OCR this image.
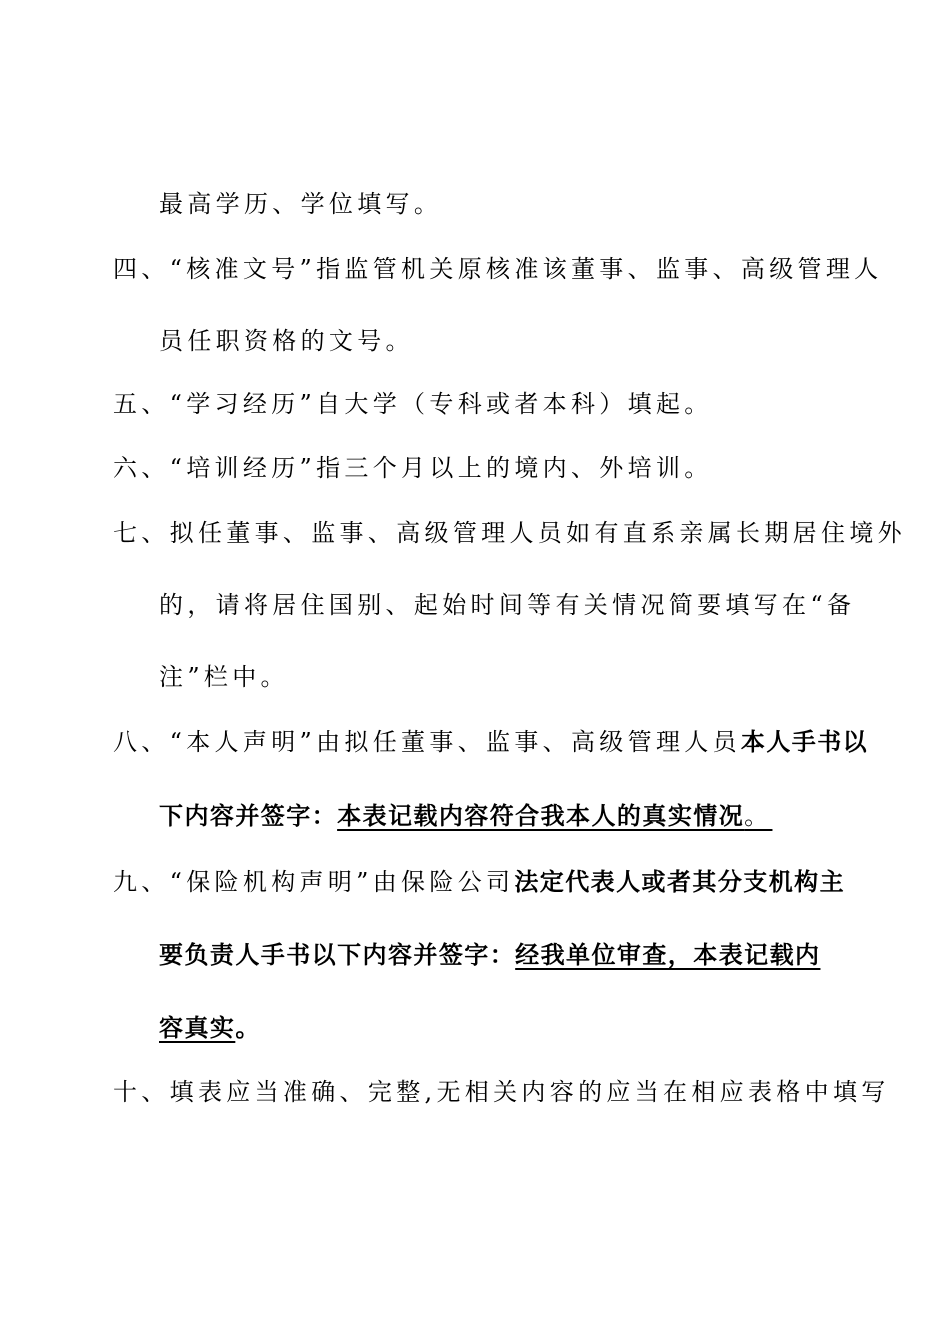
最高学历、学位填写。
四、“核准文号”指监管机关原核准该董事、监事、高级管理人
员任职资格的文号。
五、“学习经历”自大学（专科或者本科）填起。
六、“培训经历”指三个月以上的境内、外培训。
七、拟任董事、监事、高级管理人员如有直系亲属长期居住境外
的，请将居住国别、起始时间等有关情况简要填写在“备
注”栏中。
八、“本人声明”由拟任董事、监事、高级管理人员本人手书以
下内容并签字：本表记载内容符合我本人的真实情况。
九、“保险机构声明”由保险公司法定代表人或者其分支机构主
要负责人手书以下内容并签字：经我单位审查，本表记载内
容真实。
十、填表应当准确、完整,无相关内容的应当在相应表格中填写
